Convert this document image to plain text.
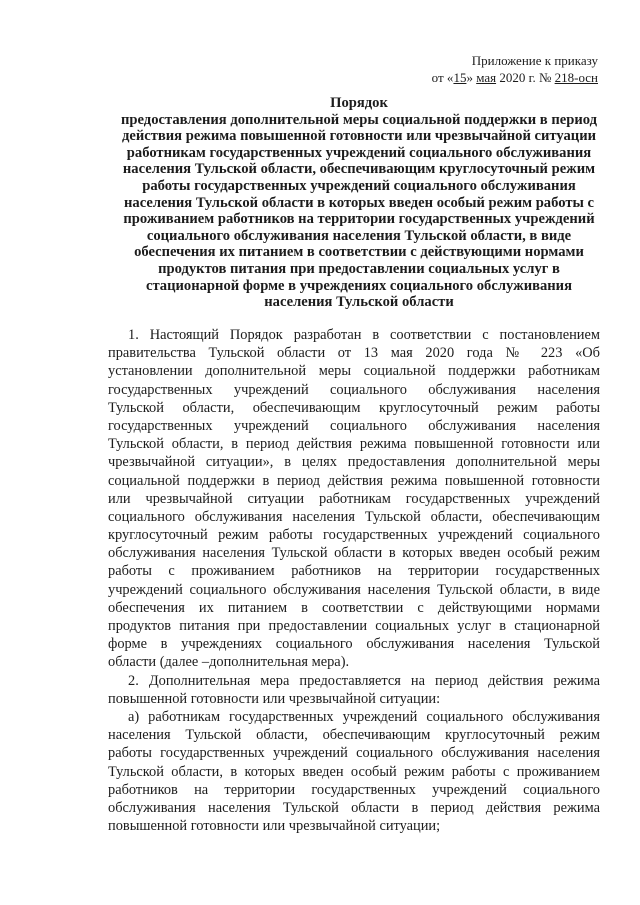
Приложение к приказу
от «15» мая 2020 г. № 218-осн
Порядок
предоставления дополнительной меры социальной поддержки в период
действия режима повышенной готовности или чрезвычайной ситуации
работникам государственных учреждений социального обслуживания
населения Тульской области, обеспечивающим круглосуточный режим
работы государственных учреждений социального обслуживания
населения Тульской области в которых введен особый режим работы с
проживанием работников на территории государственных учреждений
социального обслуживания населения Тульской области, в виде
обеспечения их питанием в соответствии с действующими нормами
продуктов питания при предоставлении социальных услуг в
стационарной форме в учреждениях социального обслуживания
населения Тульской области
1. Настоящий Порядок разработан в соответствии с постановлением
правительства Тульской области от 13 мая 2020 года № 223 «Об
установлении дополнительной меры социальной поддержки работникам
государственных учреждений социального обслуживания населения
Тульской области, обеспечивающим круглосуточный режим работы
государственных учреждений социального обслуживания населения
Тульской области, в период действия режима повышенной готовности или
чрезвычайной ситуации», в целях предоставления дополнительной меры
социальной поддержки в период действия режима повышенной готовности
или чрезвычайной ситуации работникам государственных учреждений
социального обслуживания населения Тульской области, обеспечивающим
круглосуточный режим работы государственных учреждений социального
обслуживания населения Тульской области в которых введен особый режим
работы с проживанием работников на территории государственных
учреждений социального обслуживания населения Тульской области, в виде
обеспечения их питанием в соответствии с действующими нормами
продуктов питания при предоставлении социальных услуг в стационарной
форме в учреждениях социального обслуживания населения Тульской
области (далее –дополнительная мера).
2. Дополнительная мера предоставляется на период действия режима
повышенной готовности или чрезвычайной ситуации:
а) работникам государственных учреждений социального обслуживания
населения Тульской области, обеспечивающим круглосуточный режим
работы государственных учреждений социального обслуживания населения
Тульской области, в которых введен особый режим работы с проживанием
работников на территории государственных учреждений социального
обслуживания населения Тульской области в период действия режима
повышенной готовности или чрезвычайной ситуации;
